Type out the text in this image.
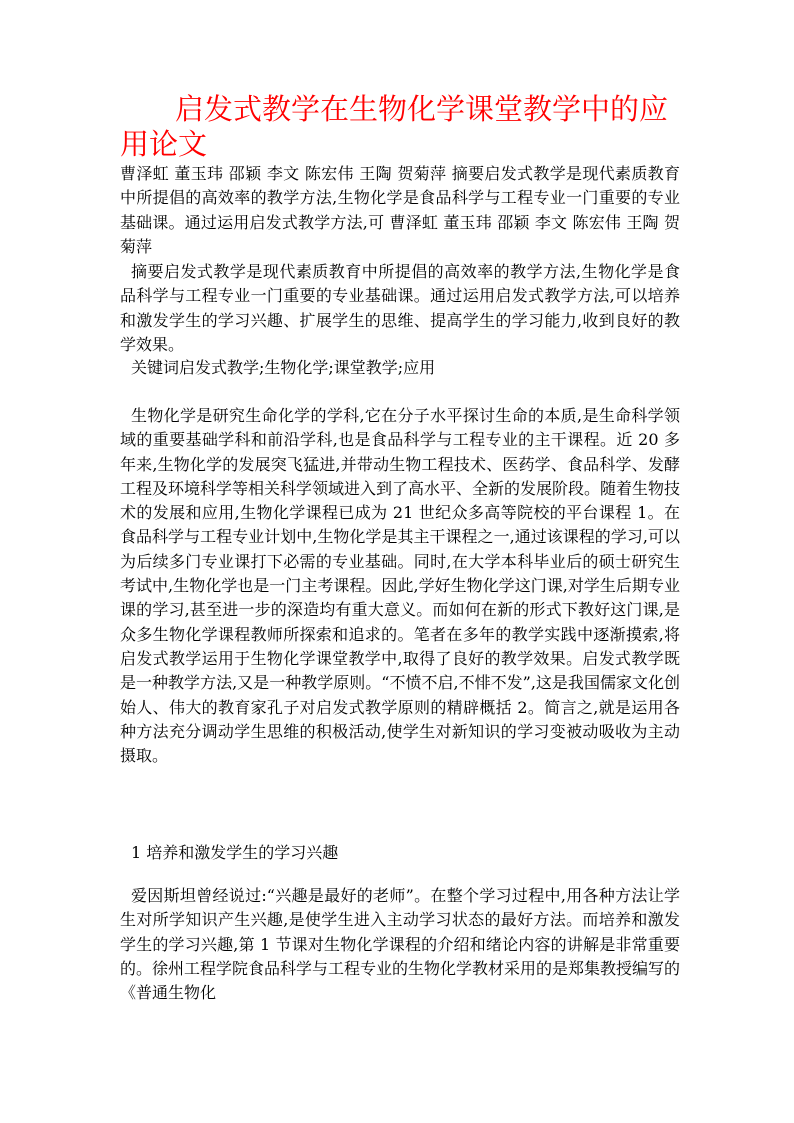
启发式教学在生物化学课堂教学中的应用论文

曹泽虹 董玉玮 邵颖 李文 陈宏伟 王陶 贺菊萍 摘要启发式教学是现代素质教育中所提倡的高效率的教学方法,生物化学是食品科学与工程专业一门重要的专业基础课。通过运用启发式教学方法,可 曹泽虹 董玉玮 邵颖 李文 陈宏伟 王陶 贺菊萍

摘要启发式教学是现代素质教育中所提倡的高效率的教学方法,生物化学是食品科学与工程专业一门重要的专业基础课。通过运用启发式教学方法,可以培养和激发学生的学习兴趣、扩展学生的思维、提高学生的学习能力,收到良好的教学效果。

关键词启发式教学;生物化学;课堂教学;应用

生物化学是研究生命化学的学科,它在分子水平探讨生命的本质,是生命科学领域的重要基础学科和前沿学科,也是食品科学与工程专业的主干课程。近 20 多年来,生物化学的发展突飞猛进,并带动生物工程技术、医药学、食品科学、发酵工程及环境科学等相关科学领域进入到了高水平、全新的发展阶段。随着生物技术的发展和应用,生物化学课程已成为 21 世纪众多高等院校的平台课程 1。在食品科学与工程专业计划中,生物化学是其主干课程之一,通过该课程的学习,可以为后续多门专业课打下必需的专业基础。同时,在大学本科毕业后的硕士研究生考试中,生物化学也是一门主考课程。因此,学好生物化学这门课,对学生后期专业课的学习,甚至进一步的深造均有重大意义。而如何在新的形式下教好这门课,是众多生物化学课程教师所探索和追求的。笔者在多年的教学实践中逐渐摸索,将启发式教学运用于生物化学课堂教学中,取得了良好的教学效果。启发式教学既是一种教学方法,又是一种教学原则。“不愤不启,不悱不发”,这是我国儒家文化创始人、伟大的教育家孔子对启发式教学原则的精辟概括 2。简言之,就是运用各种方法充分调动学生思维的积极活动,使学生对新知识的学习变被动吸收为主动摄取。

1 培养和激发学生的学习兴趣

爱因斯坦曾经说过:“兴趣是最好的老师”。在整个学习过程中,用各种方法让学生对所学知识产生兴趣,是使学生进入主动学习状态的最好方法。而培养和激发学生的学习兴趣,第 1 节课对生物化学课程的介绍和绪论内容的讲解是非常重要的。徐州工程学院食品科学与工程专业的生物化学教材采用的是郑集教授编写的《普通生物化
